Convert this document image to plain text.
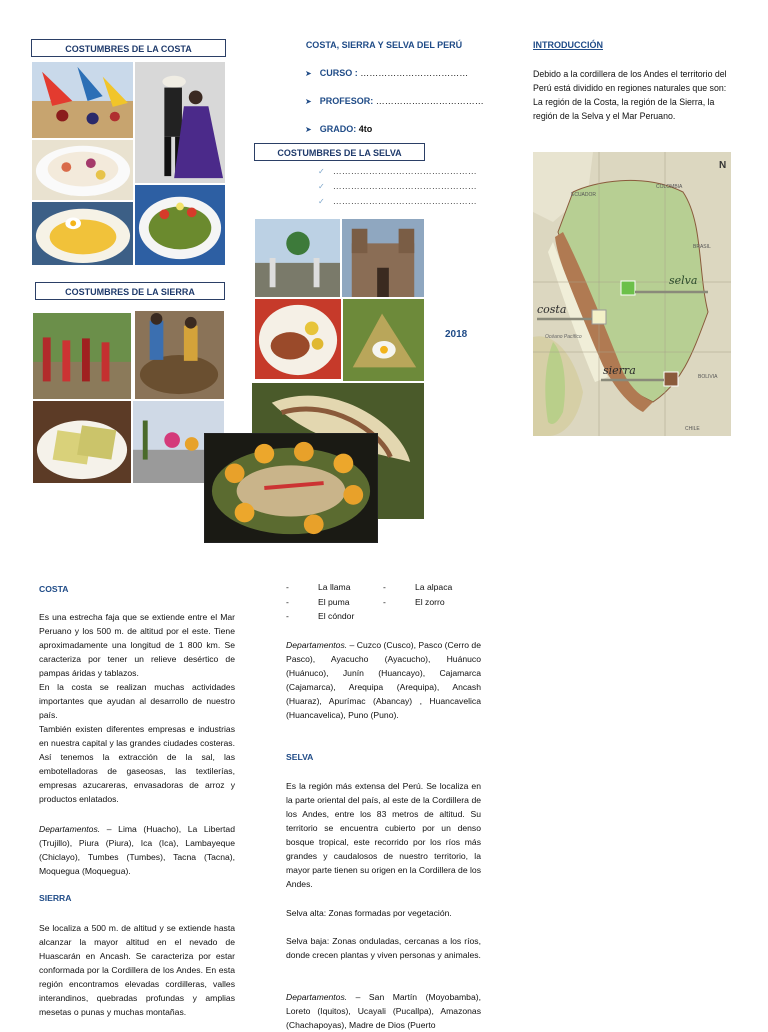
COSTUMBRES DE LA COSTA
COSTUMBRES DE LA SIERRA
COSTA, SIERRA Y SELVA DEL PERÚ
➤ CURSO : ………………………………
➤ PROFESOR: ………………………………
➤ GRADO: 4to
COSTUMBRES DE LA SELVA
✓ …………………………………………
✓ …………………………………………
✓ …………………………………………
2018
INTRODUCCIÓN
Debido a la cordillera de los Andes el territorio del Perú está dividido en regiones naturales que son: La región de la Costa, la región de la Sierra, la región de la Selva y el Mar Peruano.
ECUADOR
COLOMBIA
BRASIL
BOLIVIA
CHILE
Océano Pacífico
N
selva
costa
sierra
COSTA

Es una estrecha faja que se extiende entre el Mar Peruano y los 500 m. de altitud por el este. Tiene aproximadamente una longitud de 1 800 km. Se caracteriza por tener un relieve desértico de pampas áridas y tablazos.

En la costa se realizan muchas actividades importantes que ayudan al desarrollo de nuestro país.

También existen diferentes empresas e industrias en nuestra capital y las grandes ciudades costeras. Así tenemos la extracción de la sal, las embotelladoras de gaseosas, las textilerías, empresas azucareras, envasadoras de arroz y productos enlatados.

Departamentos. – Lima (Huacho), La Libertad (Trujillo), Piura (Piura), Ica (Ica), Lambayeque (Chiclayo), Tumbes (Tumbes), Tacna (Tacna), Moquegua (Moquegua).
SIERRA
Se localiza a 500 m. de altitud y se extiende hasta alcanzar la mayor altitud en el nevado de Huascarán en Ancash. Se caracteriza por estar conformada por la Cordillera de los Andes. En esta región encontramos elevadas cordilleras, valles interandinos, quebradas profundas y amplias mesetas o punas y muchas montañas.
-	La llama	-	La alpaca
-	El puma	-	El zorro
-	El cóndor
Departamentos. – Cuzco (Cusco), Pasco (Cerro de Pasco), Ayacucho (Ayacucho), Huánuco (Huánuco), Junín (Huancayo), Cajamarca (Cajamarca), Arequipa (Arequipa), Ancash (Huaraz), Apurímac (Abancay) , Huancavelica (Huancavelica), Puno (Puno).
SELVA
Es la región más extensa del Perú. Se localiza en la parte oriental del país, al este de la Cordillera de los Andes, entre los 83 metros de altitud. Su territorio se encuentra cubierto por un denso bosque tropical, este recorrido por los ríos más grandes y caudalosos de nuestro territorio, la mayor parte tienen su origen en la Cordillera de los Andes.
Selva alta: Zonas formadas por vegetación.
Selva baja: Zonas onduladas, cercanas a los ríos, donde crecen plantas y viven personas y animales.
Departamentos. – San Martín (Moyobamba), Loreto (Iquitos), Ucayali (Pucallpa), Amazonas (Chachapoyas), Madre de Dios (Puerto
